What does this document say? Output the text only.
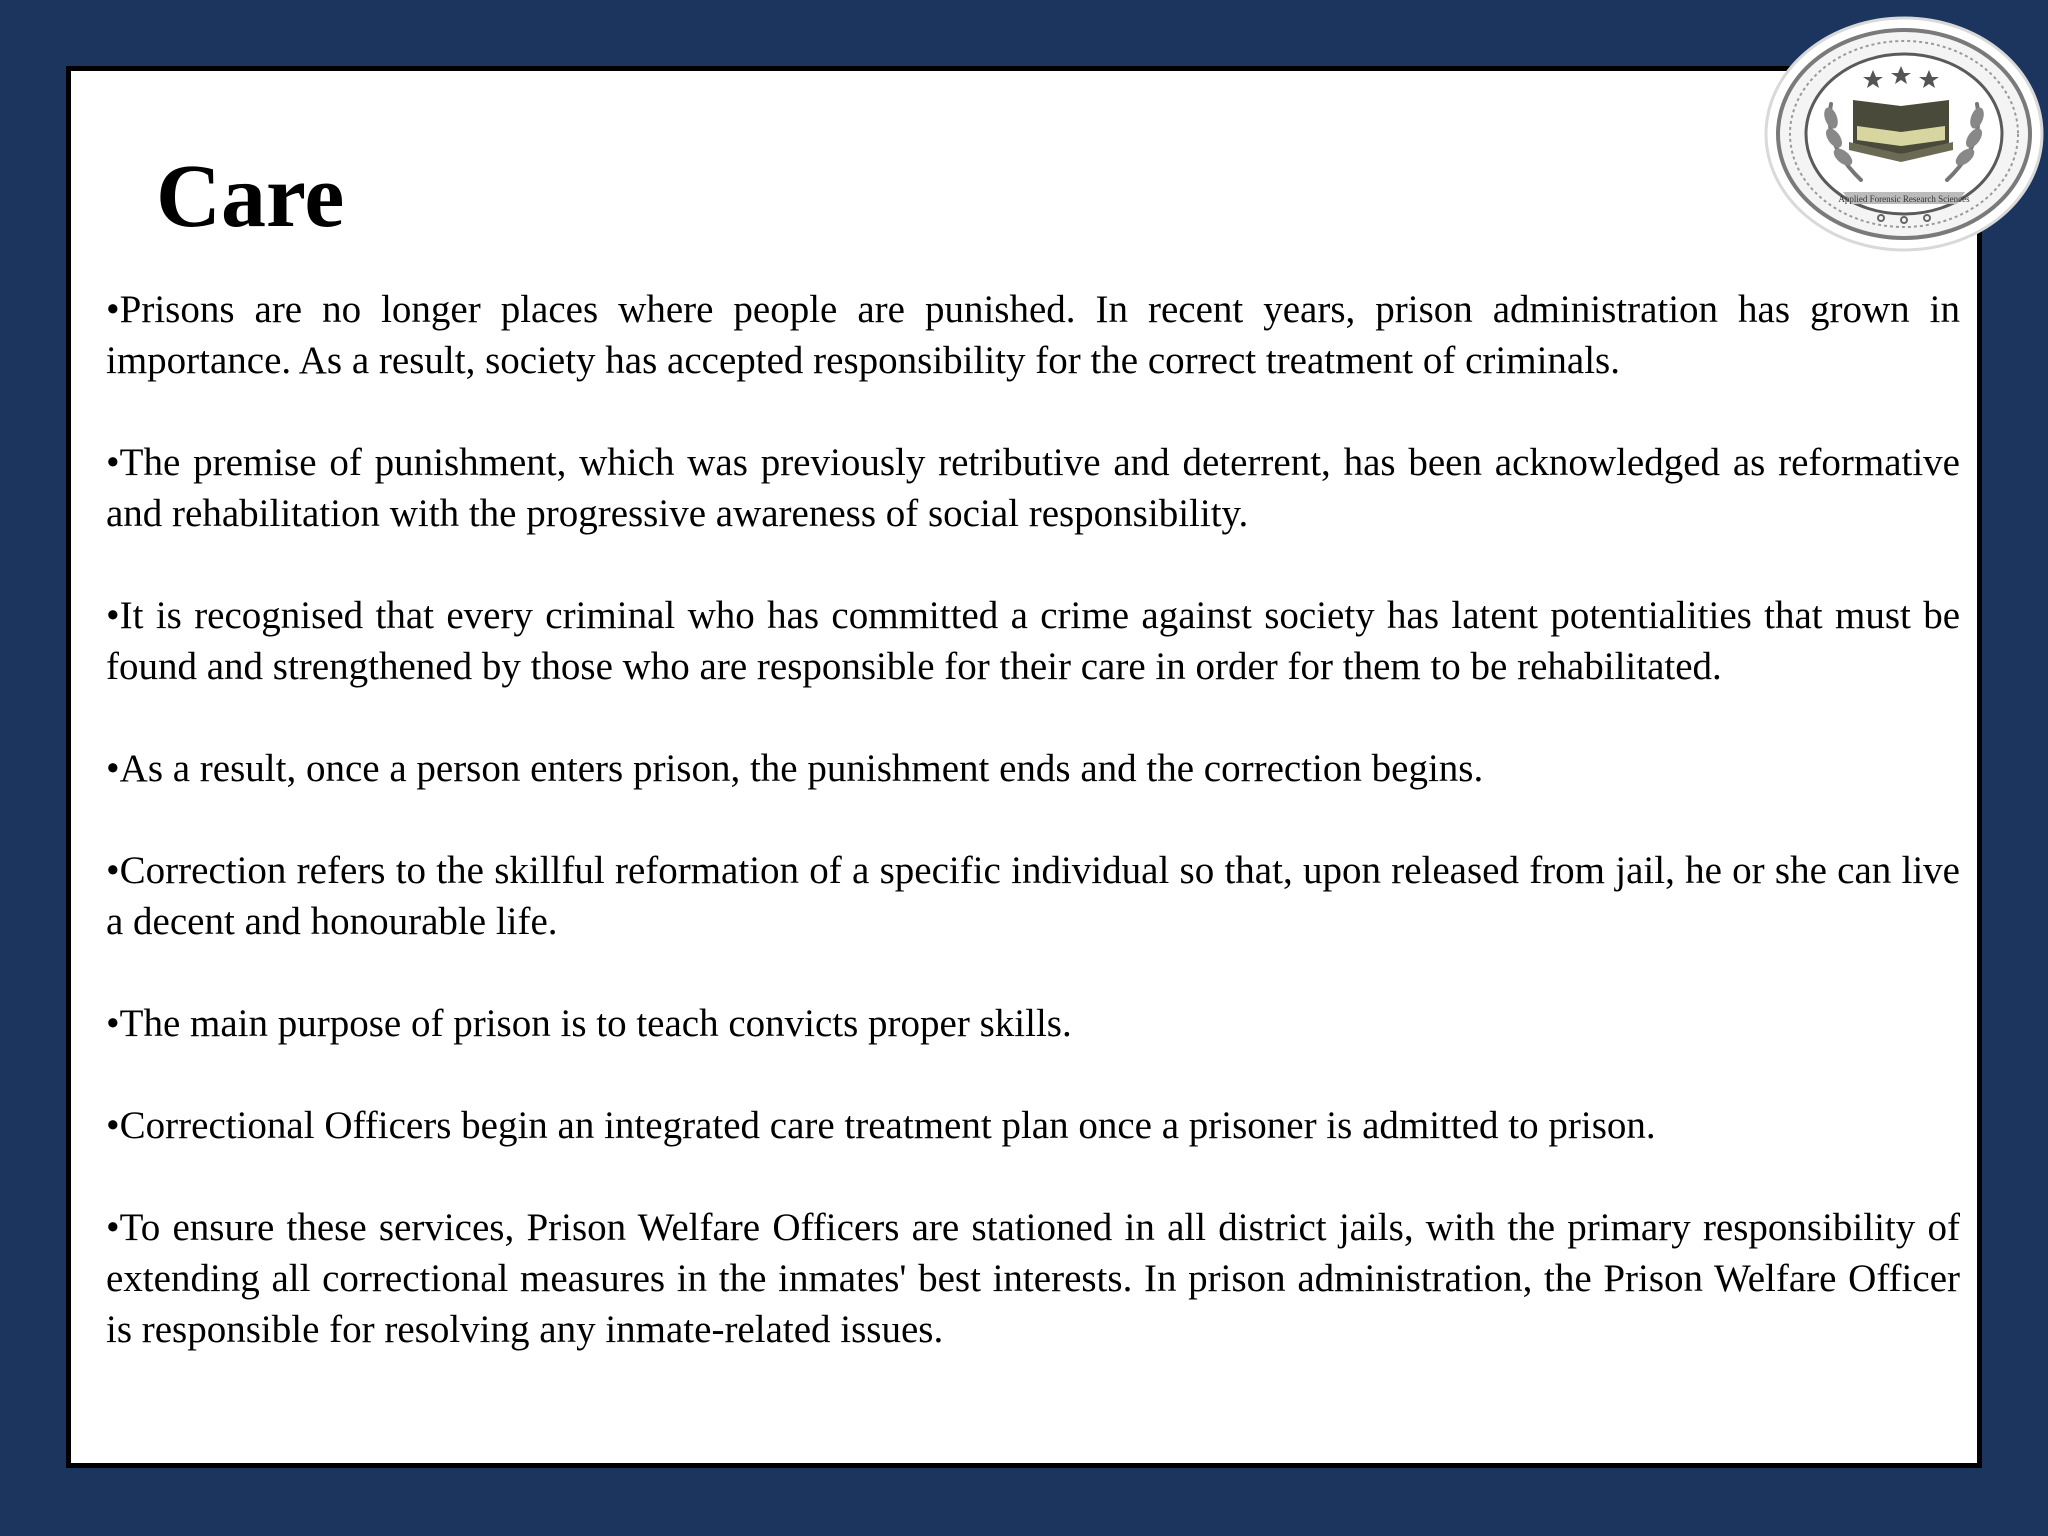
Care
•Prisons are no longer places where people are punished. In recent years, prison administration has grown in importance. As a result, society has accepted responsibility for the correct treatment of criminals.
•The premise of punishment, which was previously retributive and deterrent, has been acknowledged as reformative and rehabilitation with the progressive awareness of social responsibility.
•It is recognised that every criminal who has committed a crime against society has latent potentialities that must be found and strengthened by those who are responsible for their care in order for them to be rehabilitated.
•As a result, once a person enters prison, the punishment ends and the correction begins.
•Correction refers to the skillful reformation of a specific individual so that, upon released from jail, he or she can live a decent and honourable life.
•The main purpose of prison is to teach convicts proper skills.
•Correctional Officers begin an integrated care treatment plan once a prisoner is admitted to prison.
•To ensure these services, Prison Welfare Officers are stationed in all district jails, with the primary responsibility of extending all correctional measures in the inmates' best interests. In prison administration, the Prison Welfare Officer is responsible for resolving any inmate-related issues.
Applied Forensic Research Sciences
